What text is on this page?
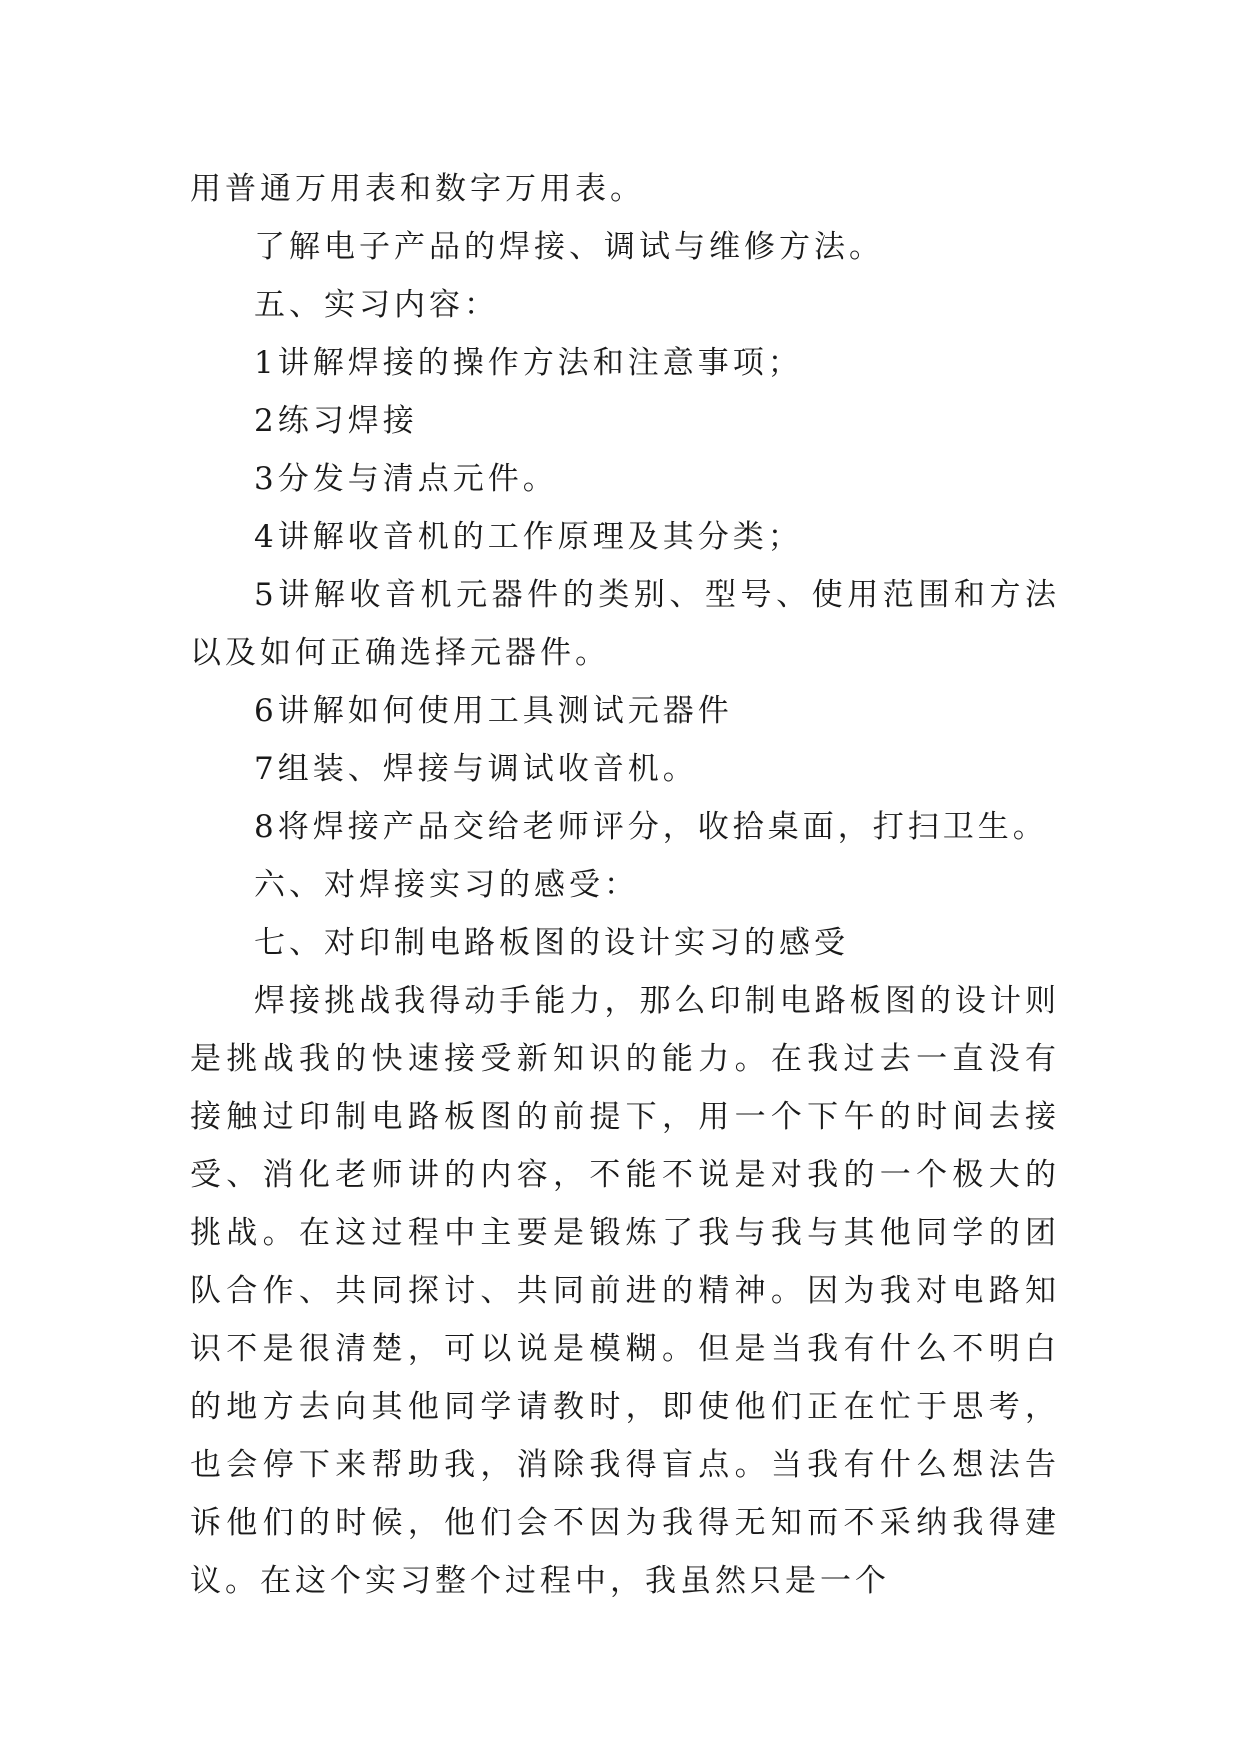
用普通万用表和数字万用表。

了解电子产品的焊接、调试与维修方法。

五、实习内容：

1讲解焊接的操作方法和注意事项；

2练习焊接

3分发与清点元件。

4讲解收音机的工作原理及其分类；

5讲解收音机元器件的类别、型号、使用范围和方法以及如何正确选择元器件。

6讲解如何使用工具测试元器件

7组装、焊接与调试收音机。

8将焊接产品交给老师评分，收拾桌面，打扫卫生。

六、对焊接实习的感受：

七、对印制电路板图的设计实习的感受

焊接挑战我得动手能力，那么印制电路板图的设计则是挑战我的快速接受新知识的能力。在我过去一直没有接触过印制电路板图的前提下，用一个下午的时间去接受、消化老师讲的内容，不能不说是对我的一个极大的挑战。在这过程中主要是锻炼了我与我与其他同学的团队合作、共同探讨、共同前进的精神。因为我对电路知识不是很清楚，可以说是模糊。但是当我有什么不明白的地方去向其他同学请教时，即使他们正在忙于思考，也会停下来帮助我，消除我得盲点。当我有什么想法告诉他们的时候，他们会不因为我得无知而不采纳我得建议。在这个实习整个过程中，我虽然只是一个
